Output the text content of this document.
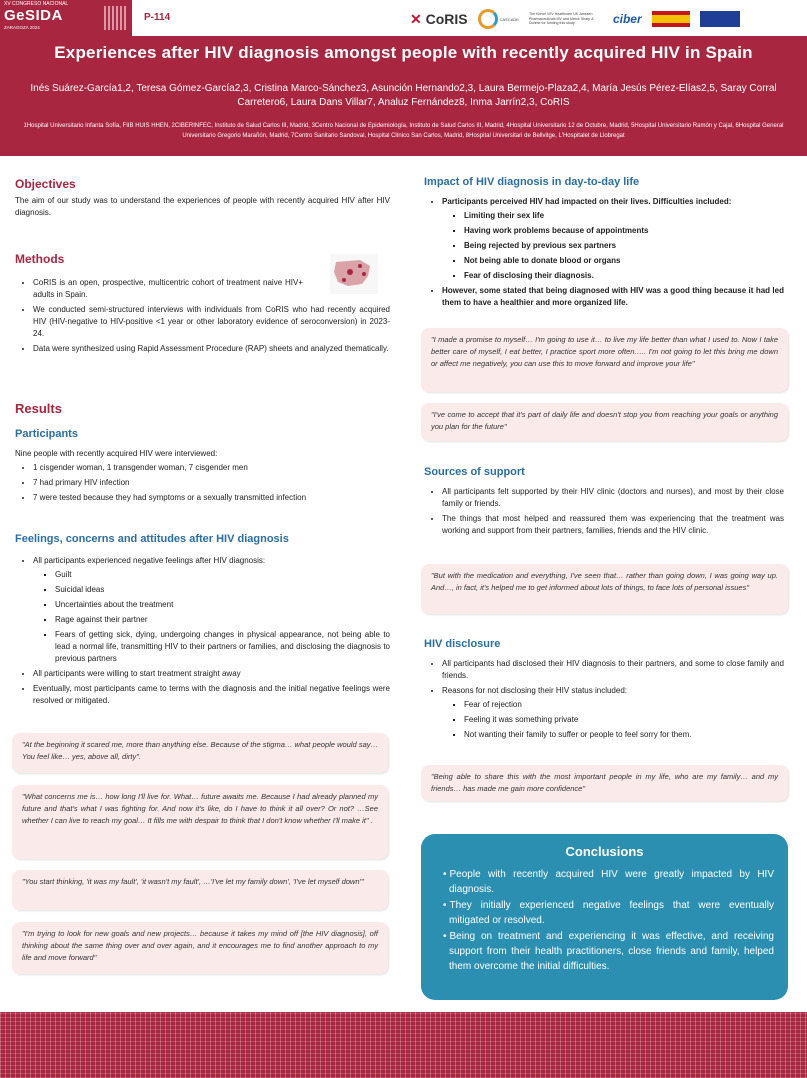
XV CONGRESO NACIONAL
GeSIDA
ZARAGOZA 2024
P-114	✕ CoRIS	CASCADE
The Klevel V/IV Healthcare UK Janssen Pharmaceuticals MV and Merck Sharp & Dohme for funding this study.	ciber
Experiences after HIV diagnosis amongst people with recently acquired HIV in Spain
Inés Suárez-García1,2, Teresa Gómez-García2,3, Cristina Marco-Sánchez3, Asunción Hernando2,3, Laura Bermejo-Plaza2,4, María Jesús Pérez-Elías2,5, Saray Corral Carretero6, Laura Dans Villar7, Analuz Fernández8, Inma Jarrín2,3, CoRIS
1Hospital Universitario Infanta Sofía, FIIB HUIS HHEN, 2CIBERINFEC, Instituto de Salud Carlos III, Madrid, 3Centro Nacional de Epidemiología, Instituto de Salud Carlos III, Madrid, 4Hospital Universitario 12 de Octubre, Madrid, 5Hospital Universitario Ramón y Cajal, 6Hospital General Universitario Gregorio Marañón, Madrid, 7Centro Sanitario Sandoval, Hospital Clínico San Carlos, Madrid, 8Hospital Universitari de Bellvitge, L'Hospitalet de Llobregat
Objectives

The aim of our study was to understand the experiences of people with recently acquired HIV after HIV diagnosis.

Methods
• CoRIS is an open, prospective, multicentric cohort of treatment naive HIV+ adults in Spain.
• We conducted semi-structured interviews with individuals from CoRIS who had recently acquired HIV (HIV-negative to HIV-positive <1 year or other laboratory evidence of seroconversion) in 2023-24.
• Data were synthesized using Rapid Assessment Procedure (RAP) sheets and analyzed thematically.
Results
Participants

Nine people with recently acquired HIV were interviewed:

• 1 cisgender woman, 1 transgender woman, 7 cisgender men
• 7 had primary HIV infection
• 7 were tested because they had symptoms or a sexually transmitted infection
Feelings, concerns and attitudes after HIV diagnosis
• All participants experienced negative feelings after HIV diagnosis:
▪ Guilt
▪ Suicidal ideas
▪ Uncertainties about the treatment
▪ Rage against their partner
▪ Fears of getting sick, dying, undergoing changes in physical appearance, not being able to lead a normal life, transmitting HIV to their partners or families, and disclosing the diagnosis to previous partners
• All participants were willing to start treatment straight away
• Eventually, most participants came to terms with the diagnosis and the initial negative feelings were resolved or mitigated.
"At the beginning it scared me, more than anything else. Because of the stigma… what people would say… You feel like… yes, above all, dirty".
"What concerns me is… how long I'll live for. What… future awaits me. Because I had already planned my future and that's what I was fighting for. And now it's like, do I have to think it all over? Or not? …See whether I can live to reach my goal… It fills me with despair to think that I don't know whether I'll make it" .
"You start thinking, 'it was my fault', 'it wasn't my fault', …'I've let my family down', 'I've let myself down'"
"I'm trying to look for new goals and new projects… because it takes my mind off [the HIV diagnosis], off thinking about the same thing over and over again, and it encourages me to find another approach to my life and move forward"
Impact of HIV diagnosis in day-to-day life
• Participants perceived HIV had impacted on their lives. Difficulties included:
▪ Limiting their sex life
▪ Having work problems because of appointments
▪ Being rejected by previous sex partners
▪ Not being able to donate blood or organs
▪ Fear of disclosing their diagnosis.
• However, some stated that being diagnosed with HIV was a good thing because it had led them to have a healthier and more organized life.
"I made a promise to myself… I'm going to use it… to live my life better than what I used to. Now I take better care of myself, I eat better, I practice sport more often….. I'm not going to let this bring me down or affect me negatively, you can use this to move forward and improve your life"
"I've come to accept that it's part of daily life and doesn't stop you from reaching your goals or anything you plan for the future"
Sources of support
• All participants felt supported by their HIV clinic (doctors and nurses), and most by their close family or friends.
• The things that most helped and reassured them was experiencing that the treatment was working and support from their partners, families, friends and the HIV clinic.
"But with the medication and everything, I've seen that… rather than going down, I was going way up. And…, in fact, it's helped me to get informed about lots of things, to face lots of personal issues"
HIV disclosure
• All participants had disclosed their HIV diagnosis to their partners, and some to close family and friends.
• Reasons for not disclosing their HIV status included:
▪ Fear of rejection
▪ Feeling it was something private
▪ Not wanting their family to suffer or people to feel sorry for them.
"Being able to share this with the most important people in my life, who are my family… and my friends… has made me gain more confidence"
Conclusions
• People with recently acquired HIV were greatly impacted by HIV diagnosis.
• They initially experienced negative feelings that were eventually mitigated or resolved.
• Being on treatment and experiencing it was effective, and receiving support from their health practitioners, close friends and family, helped them overcome the initial difficulties.
